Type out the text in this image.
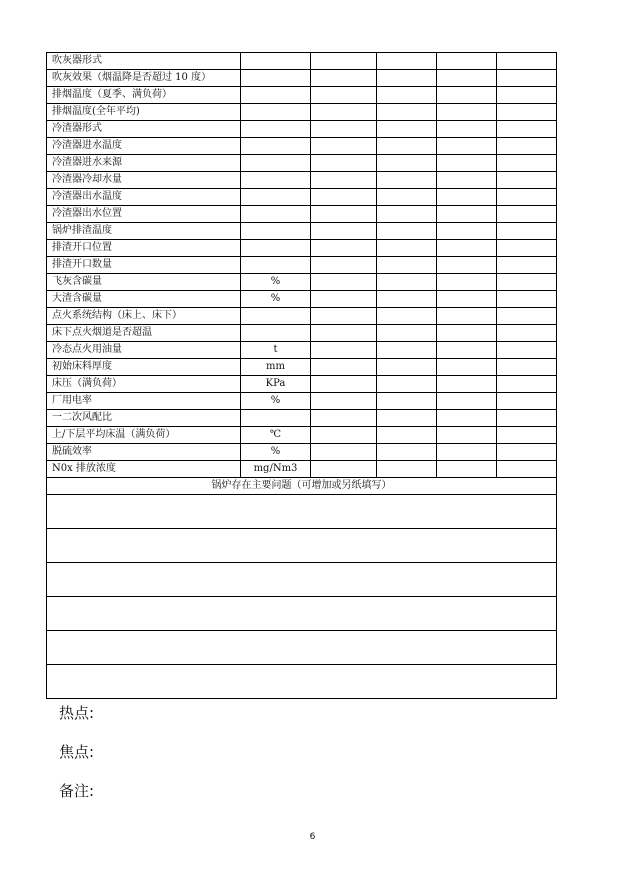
吹灰器形式					
吹灰效果（烟温降是否超过 10 度）					
排烟温度（夏季、满负荷）					
排烟温度(全年平均)					
冷渣器形式					
冷渣器进水温度					
冷渣器进水来源					
冷渣器冷却水量					
冷渣器出水温度					
冷渣器出水位置					
锅炉排渣温度					
排渣开口位置					
排渣开口数量					
飞灰含碳量	%				
大渣含碳量	%				
点火系统结构（床上、床下）					
床下点火烟道是否超温					
冷态点火用油量	t				
初始床料厚度	mm				
床压（满负荷）	KPa				
厂用电率	%				
一二次风配比					
上/下层平均床温（满负荷）	℃				
脱硫效率	%				
N0x 排放浓度	mg/Nm3				
锅炉存在主要问题（可增加或另纸填写）					

热点:
焦点:
备注:
6
